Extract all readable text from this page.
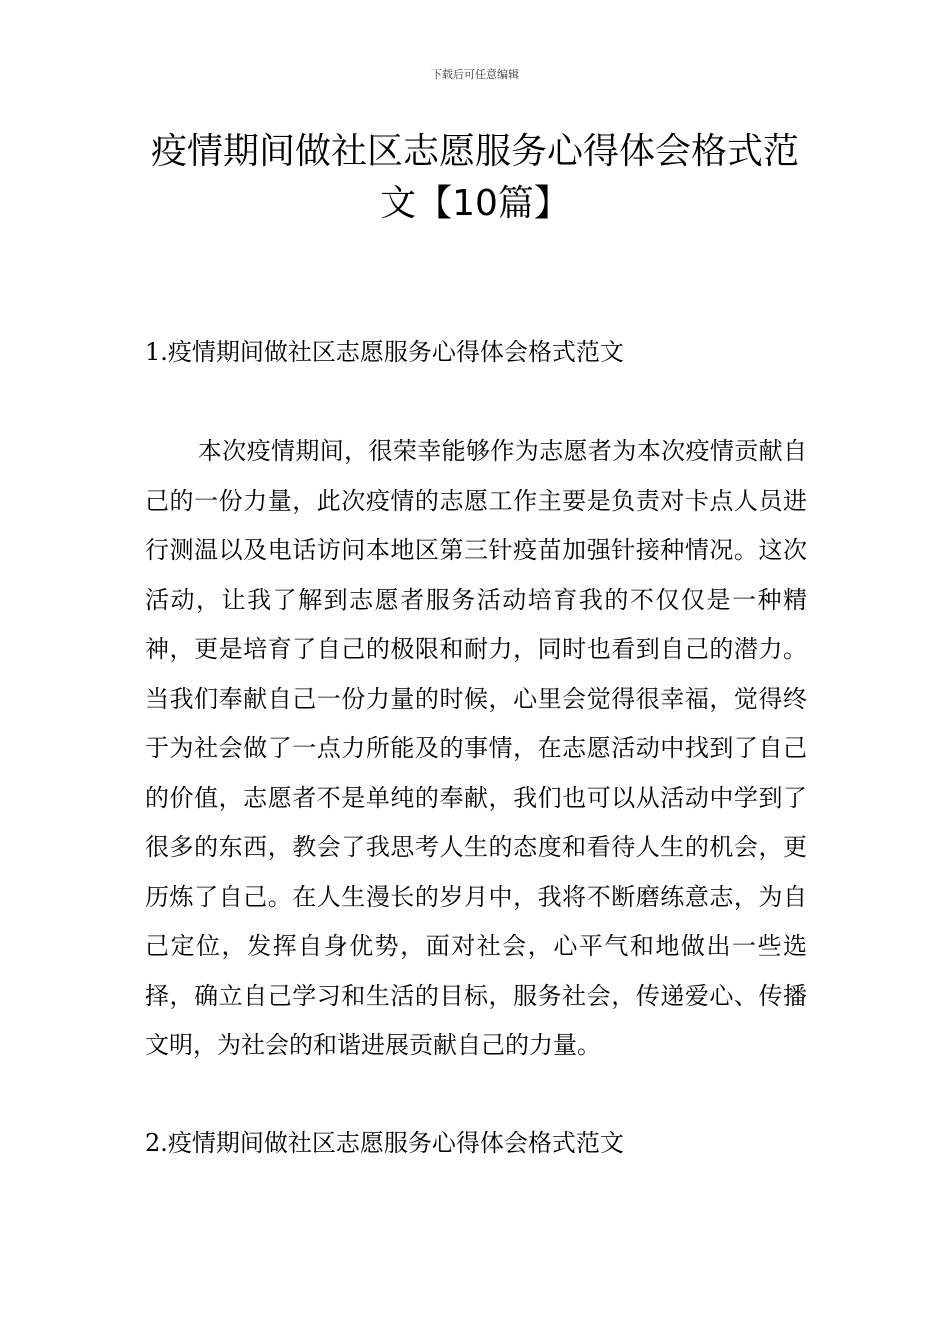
下载后可任意编辑
疫情期间做社区志愿服务心得体会格式范文【10篇】
1.疫情期间做社区志愿服务心得体会格式范文

本次疫情期间，很荣幸能够作为志愿者为本次疫情贡献自己的一份力量，此次疫情的志愿工作主要是负责对卡点人员进行测温以及电话访问本地区第三针疫苗加强针接种情况。这次活动，让我了解到志愿者服务活动培育我的不仅仅是一种精神，更是培育了自己的极限和耐力，同时也看到自己的潜力。当我们奉献自己一份力量的时候，心里会觉得很幸福，觉得终于为社会做了一点力所能及的事情，在志愿活动中找到了自己的价值，志愿者不是单纯的奉献，我们也可以从活动中学到了很多的东西，教会了我思考人生的态度和看待人生的机会，更历炼了自己。在人生漫长的岁月中，我将不断磨练意志，为自己定位，发挥自身优势，面对社会，心平气和地做出一些选择，确立自己学习和生活的目标，服务社会，传递爱心、传播文明，为社会的和谐进展贡献自己的力量。

2.疫情期间做社区志愿服务心得体会格式范文
